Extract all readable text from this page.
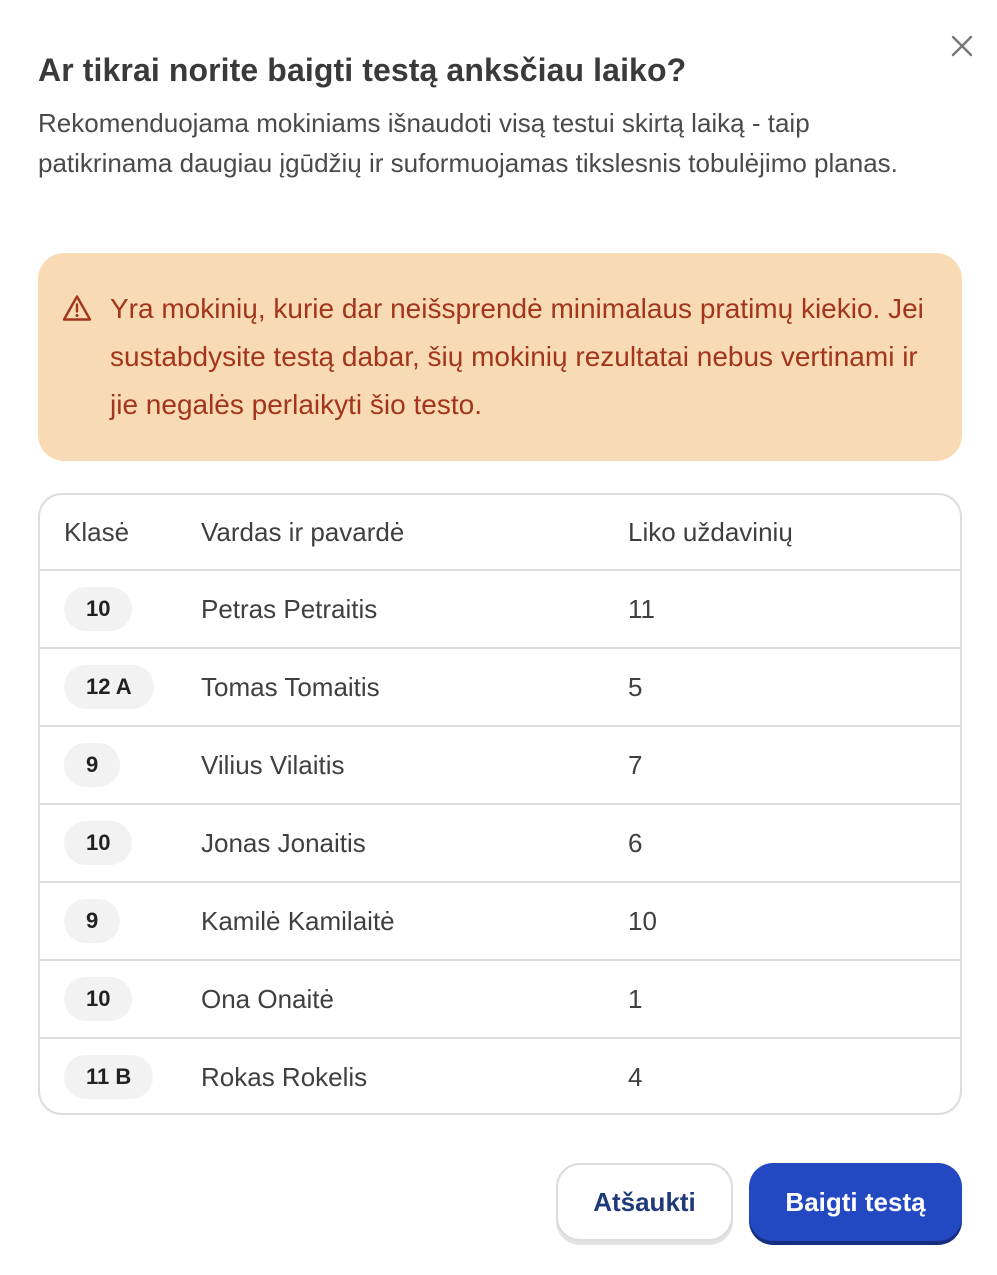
Ar tikrai norite baigti testą anksčiau laiko?

Rekomenduojama mokiniams išnaudoti visą testui skirtą laiką - taip patikrinama daugiau įgūdžių ir suformuojamas tikslesnis tobulėjimo planas.

Yra mokinių, kurie dar neišsprendė minimalaus pratimų kiekio. Jei sustabdysite testą dabar, šių mokinių rezultatai nebus vertinami ir jie negalės perlaikyti šio testo.

Klasė	Vardas ir pavardė	Liko uždavinių
10	Petras Petraitis	11
12 A	Tomas Tomaitis	5
9	Vilius Vilaitis	7
10	Jonas Jonaitis	6
9	Kamilė Kamilaitė	10
10	Ona Onaitė	1
11 B	Rokas Rokelis	4
Atšaukti	Baigti testą
